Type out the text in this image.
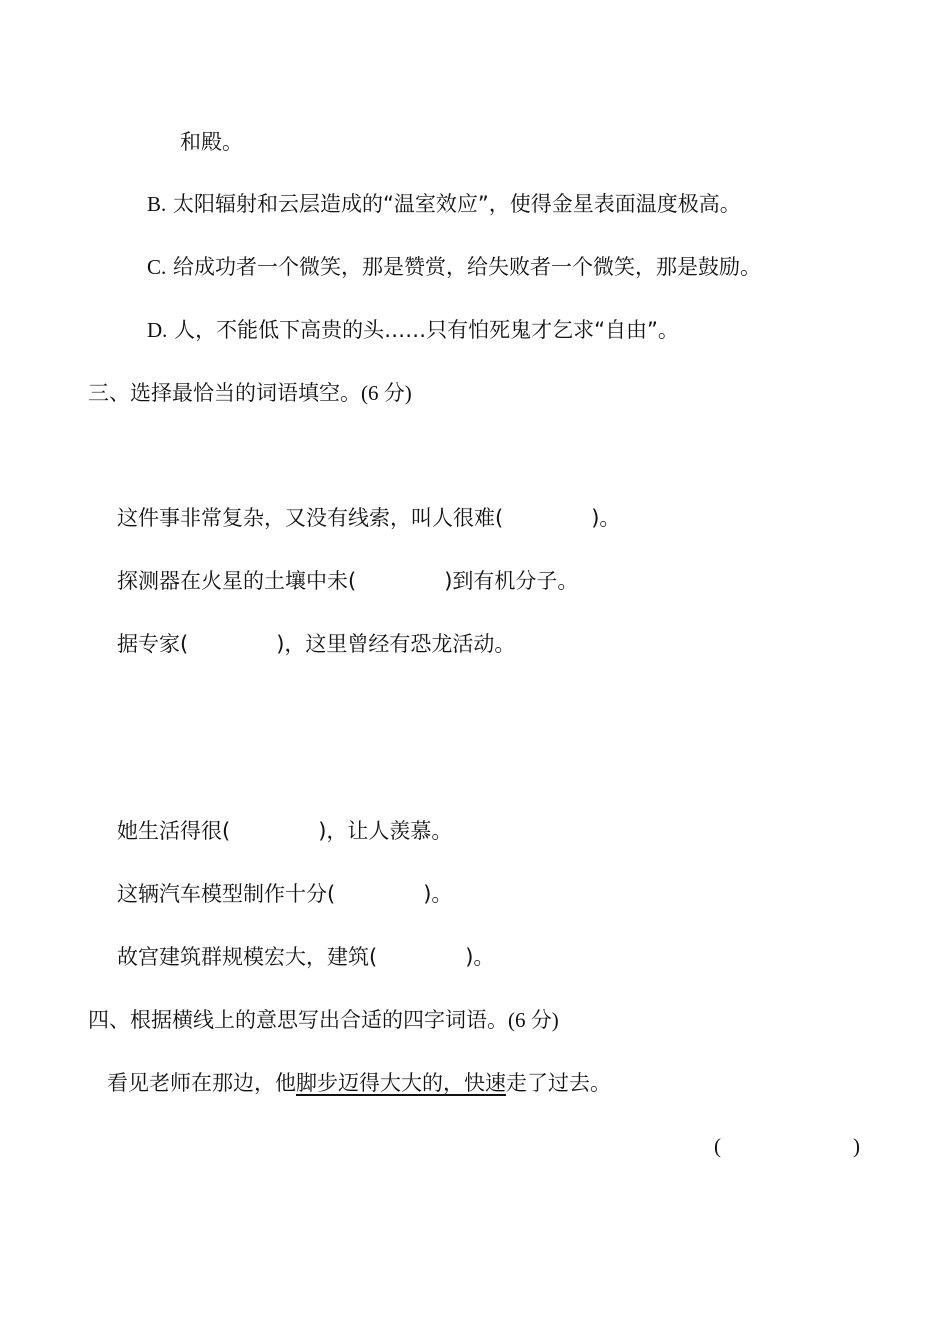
和殿。
B. 太阳辐射和云层造成的“温室效应”，使得金星表面温度极高。
C. 给成功者一个微笑，那是赞赏，给失败者一个微笑，那是鼓励。
D. 人，不能低下高贵的头……只有怕死鬼才乞求“自由”。
三、选择最恰当的词语填空。(6 分)
这件事非常复杂，又没有线索，叫人很难(	)。
探测器在火星的土壤中未(	)到有机分子。
据专家(	)，这里曾经有恐龙活动。
她生活得很(	)，让人羡慕。
这辆汽车模型制作十分(	)。
故宫建筑群规模宏大，建筑(	)。
四、根据横线上的意思写出合适的四字词语。(6 分)
看见老师在那边，他脚步迈得大大的，快速走了过去。
(	)
